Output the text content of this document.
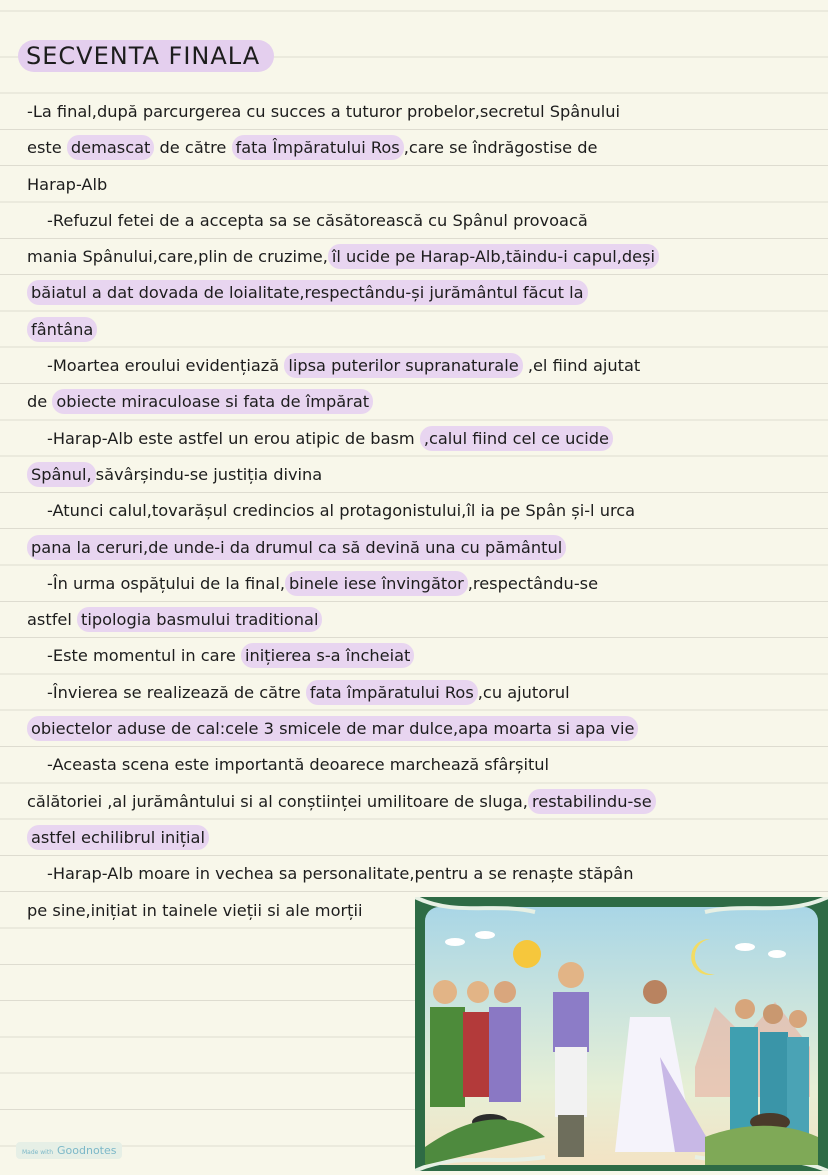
SECVENTA FINALA
-La final,după parcurgerea cu succes a tuturor probelor,secretul Spânului
este demascat de către fata Împăratului Ros ,care se îndrăgostise de
Harap-Alb
-Refuzul fetei de a accepta sa se căsătorească cu Spânul provoacă
mania Spânului,care,plin de cruzime, îl ucide pe Harap-Alb,tăindu-i capul,deși
băiatul a dat dovada de loialitate,respectându-și jurământul făcut la
fântâna
-Moartea eroului evidențiază lipsa puterilor supranaturale ,el fiind ajutat
de obiecte miraculoase si fata de împărat
-Harap-Alb este astfel un erou atipic de basm ,calul fiind cel ce ucide
Spânul, săvârșindu-se justiția divina
-Atunci calul,tovarășul credincios al protagonistului,îl ia pe Spân și-l urca
pana la ceruri,de unde-i da drumul ca să devină una cu pământul
-În urma ospățului de la final, binele iese învingător ,respectându-se
astfel tipologia basmului traditional
-Este momentul in care inițierea s-a încheiat
-Învierea se realizează de către fata împăratului Ros ,cu ajutorul
obiectelor aduse de cal:cele 3 smicele de mar dulce,apa moarta si apa vie
-Aceasta scena este importantă deoarece marchează sfârșitul
călătoriei ,al jurământului si al conștiinței umilitoare de sluga, restabilindu-se
astfel echilibrul inițial
-Harap-Alb moare in vechea sa personalitate,pentru a se renaște stăpân
pe sine,inițiat in tainele vieții si ale morții
Made with Goodnotes
